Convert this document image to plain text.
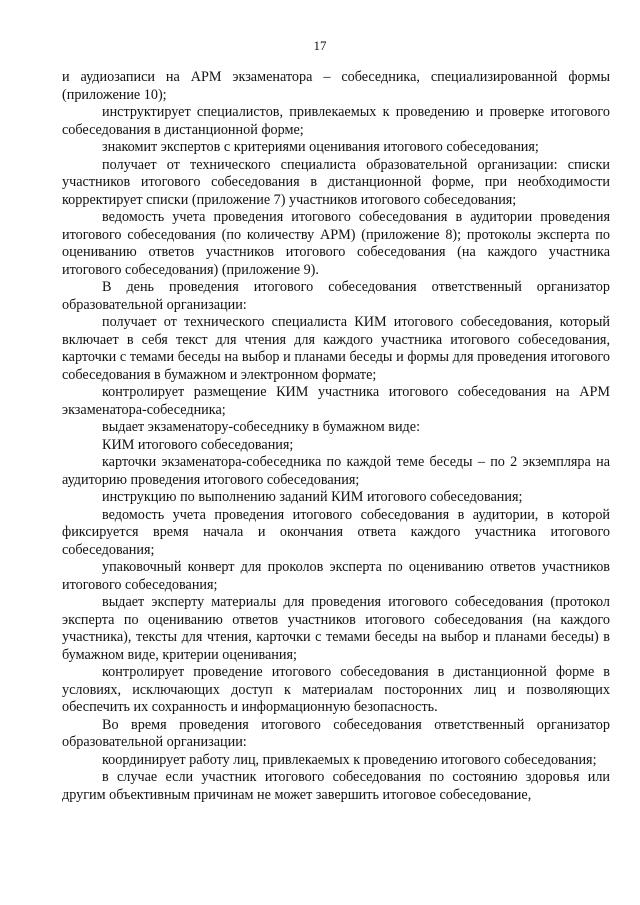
17

и аудиозаписи на АРМ экзаменатора – собеседника, специализированной формы (приложение 10);

инструктирует специалистов, привлекаемых к проведению и проверке итогового собеседования в дистанционной форме;

знакомит экспертов с критериями оценивания итогового собеседования;

получает от технического специалиста образовательной организации: списки участников итогового собеседования в дистанционной форме, при необходимости корректирует списки (приложение 7) участников итогового собеседования;

ведомость учета проведения итогового собеседования в аудитории проведения итогового собеседования (по количеству АРМ) (приложение 8); протоколы эксперта по оцениванию ответов участников итогового собеседования (на каждого участника итогового собеседования) (приложение 9).

В день проведения итогового собеседования ответственный организатор образовательной организации:

получает от технического специалиста КИМ итогового собеседования, который включает в себя текст для чтения для каждого участника итогового собеседования, карточки с темами беседы на выбор и планами беседы и формы для проведения итогового собеседования в бумажном и электронном формате;

контролирует размещение КИМ участника итогового собеседования на АРМ экзаменатора-собеседника;

выдает экзаменатору-собеседнику в бумажном виде:

КИМ итогового собеседования;

карточки экзаменатора-собеседника по каждой теме беседы – по 2 экземпляра на аудиторию проведения итогового собеседования;

инструкцию по выполнению заданий КИМ итогового собеседования;

ведомость учета проведения итогового собеседования в аудитории, в которой фиксируется время начала и окончания ответа каждого участника итогового собеседования;

упаковочный конверт для проколов эксперта по оцениванию ответов участников итогового собеседования;

выдает эксперту материалы для проведения итогового собеседования (протокол эксперта по оцениванию ответов участников итогового собеседования (на каждого участника), тексты для чтения, карточки с темами беседы на выбор и планами беседы) в бумажном виде, критерии оценивания;

контролирует проведение итогового собеседования в дистанционной форме в условиях, исключающих доступ к материалам посторонних лиц и позволяющих обеспечить их сохранность и информационную безопасность.

Во время проведения итогового собеседования ответственный организатор образовательной организации:

координирует работу лиц, привлекаемых к проведению итогового собеседования;

в случае если участник итогового собеседования по состоянию здоровья или другим объективным причинам не может завершить итоговое собеседование,
